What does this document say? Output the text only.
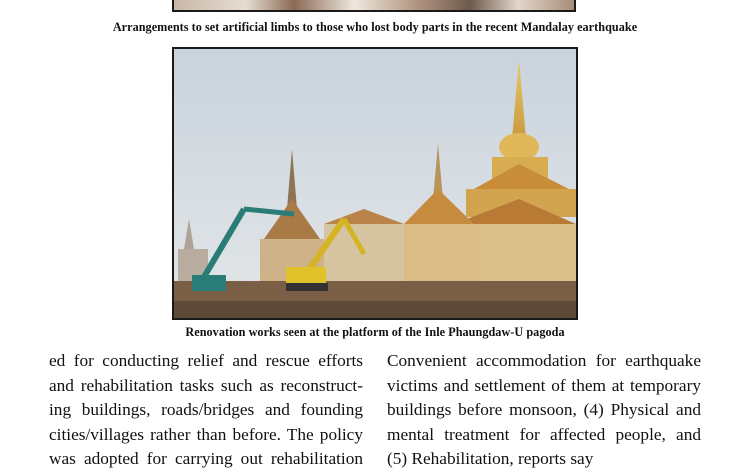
Arrangements to set artificial limbs to those who lost body parts in the recent Mandalay earthquake
Renovation works seen at the platform of the Inle Phaungdaw-U pagoda
ed for conducting relief and rescue efforts
and rehabilitation tasks such as reconstruct-
ing buildings, roads/bridges and founding
cities/villages rather than before. The policy
was adopted for carrying out rehabilitation
Convenient accommodation for earthquake
victims and settlement of them at temporary
buildings before monsoon, (4) Physical and
mental treatment for affected people, and
(5) Rehabilitation, reports say
